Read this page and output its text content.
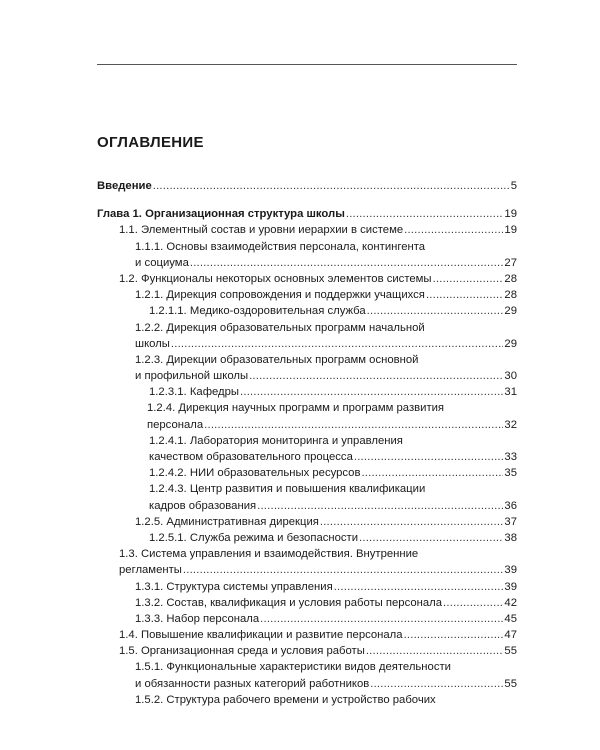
ОГЛАВЛЕНИЕ
Введение .....	5
Глава 1. Организационная структура школы .....	19
1.1. Элементный состав и уровни иерархии в системе .....	19
1.1.1. Основы взаимодействия персонала, контингента
и социума .....	27
1.2. Функционалы некоторых основных элементов системы .....	28
1.2.1. Дирекция сопровождения и поддержки учащихся .....	28
1.2.1.1. Медико-оздоровительная служба .....	29
1.2.2. Дирекция образовательных программ начальной
школы .....	29
1.2.3. Дирекции образовательных программ основной
и профильной школы .....	30
1.2.3.1. Кафедры .....	31
1.2.4. Дирекция научных программ и программ развития
персонала .....	32
1.2.4.1. Лаборатория мониторинга и управления
качеством образовательного процесса .....	33
1.2.4.2. НИИ образовательных ресурсов .....	35
1.2.4.3. Центр развития и повышения квалификации
кадров образования .....	36
1.2.5. Административная дирекция .....	37
1.2.5.1. Служба режима и безопасности .....	38
1.3. Система управления и взаимодействия. Внутренние
регламенты .....	39
1.3.1. Структура системы управления .....	39
1.3.2. Состав, квалификация и условия работы персонала .....	42
1.3.3. Набор персонала .....	45
1.4. Повышение квалификации и развитие персонала .....	47
1.5. Организационная среда и условия работы .....	55
1.5.1. Функциональные характеристики видов деятельности
и обязанности разных категорий работников .....	55
1.5.2. Структура рабочего времени и устройство рабочих
